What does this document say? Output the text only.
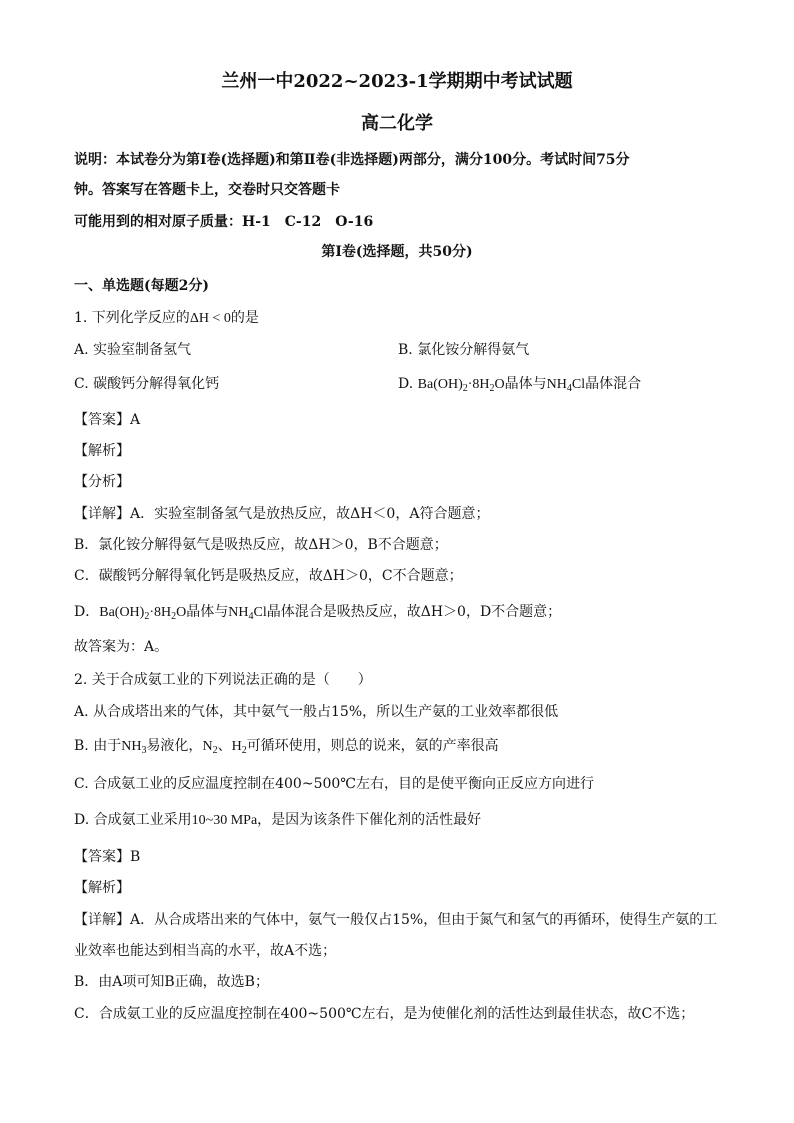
兰州一中2022~2023-1学期期中考试试题
高二化学
说明：本试卷分为第Ⅰ卷(选择题)和第Ⅱ卷(非选择题)两部分，满分100分。考试时间75分
钟。答案写在答题卡上，交卷时只交答题卡
可能用到的相对原子质量：H-1　C-12　O-16
第Ⅰ卷(选择题，共50分)
一、单选题(每题2分)
1. 下列化学反应的ΔH < 0的是
A. 实验室制备氢气	B. 氯化铵分解得氨气
C. 碳酸钙分解得氧化钙	D. $Ba(OH)_2\cdot 8H_2O$晶体与$NH_4Cl$晶体混合
【答案】A
【解析】
【分析】
【详解】A．实验室制备氢气是放热反应，故ΔH＜0，A符合题意；
B．氯化铵分解得氨气是吸热反应，故ΔH＞0，B不合题意；
C．碳酸钙分解得氧化钙是吸热反应，故ΔH＞0，C不合题意；
D．$Ba(OH)_2\cdot 8H_2O$晶体与$NH_4Cl$晶体混合是吸热反应，故ΔH＞0，D不合题意；
故答案为：A。
2. 关于合成氨工业的下列说法正确的是（　　）
A. 从合成塔出来的气体，其中氨气一般占15%，所以生产氨的工业效率都很低
B. 由于$NH_3$易液化，$N_2$、$H_2$可循环使用，则总的说来，氨的产率很高
C. 合成氨工业的反应温度控制在400~500℃左右，目的是使平衡向正反应方向进行
D. 合成氨工业采用10~30 MPa，是因为该条件下催化剂的活性最好
【答案】B
【解析】
【详解】A．从合成塔出来的气体中，氨气一般仅占15%，但由于氮气和氢气的再循环，使得生产氨的工
业效率也能达到相当高的水平，故A不选；
B．由A项可知B正确，故选B；
C．合成氨工业的反应温度控制在400~500℃左右，是为使催化剂的活性达到最佳状态，故C不选；
